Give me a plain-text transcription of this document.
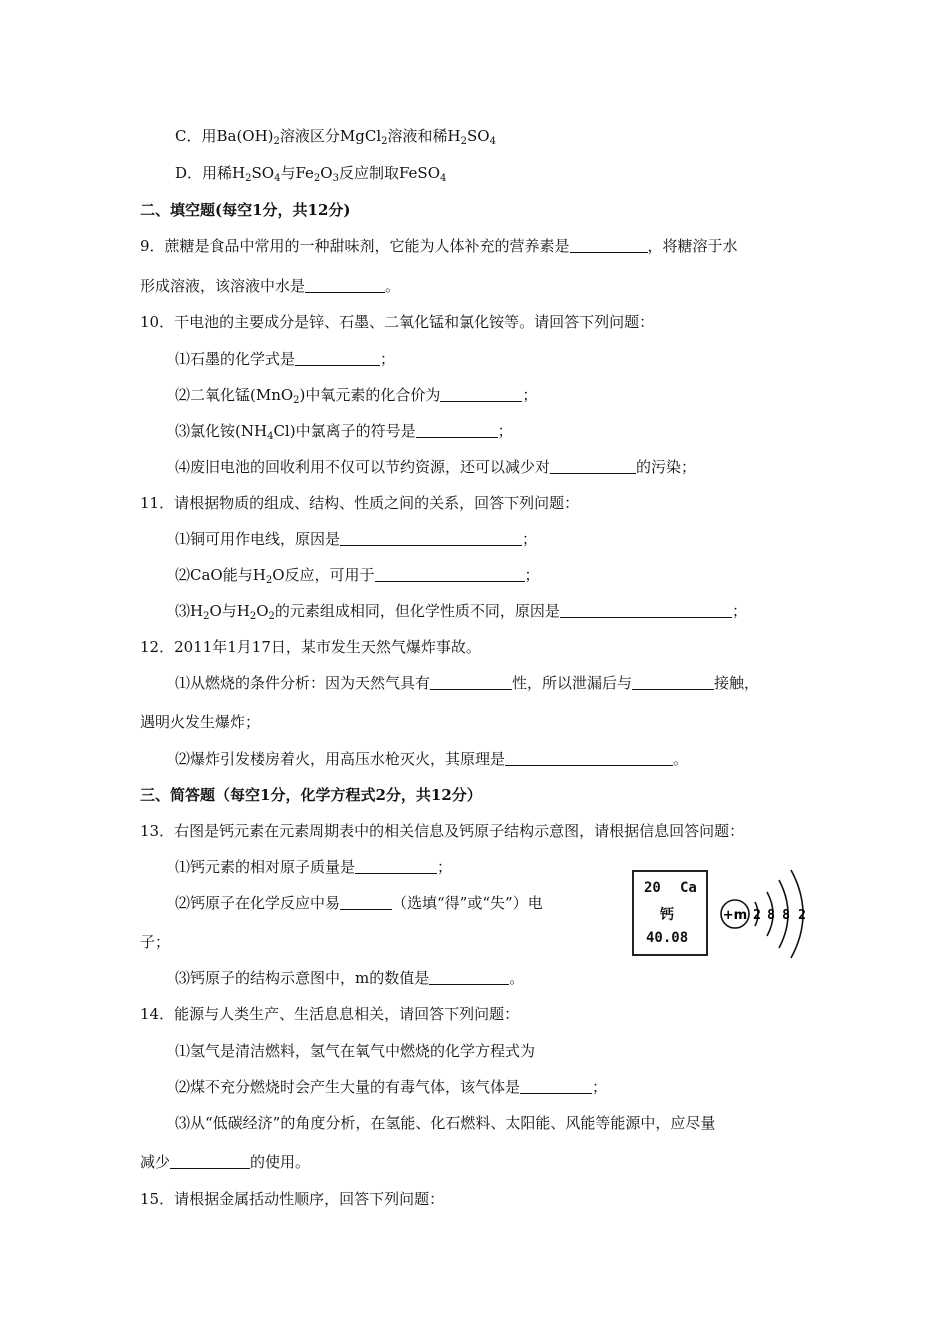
C．用$Ba(OH)_2$溶液区分MgCl$_2$溶液和稀$H_2SO_4$
D．用稀$H_2SO_4$与$Fe_2O_3$反应制取FeSO$_4$
二、填空题(每空1分，共12分)
9．蔗糖是食品中常用的一种甜味剂，它能为人体补充的营养素是	，将糖溶于水
形成溶液，该溶液中水是	。
10．干电池的主要成分是锌、石墨、二氧化锰和氯化铵等。请回答下列问题：
⑴石墨的化学式是	；
⑵二氧化锰(MnO$_2$)中氧元素的化合价为	；
⑶氯化铵$(NH_4Cl)$中氯离子的符号是	；
⑷废旧电池的回收利用不仅可以节约资源，还可以减少对	的污染；
11．请根据物质的组成、结构、性质之间的关系，回答下列问题：
⑴铜可用作电线，原因是	；
⑵CaO能与$H_2O$反应，可用于	；
$⑶H_2O$与$H_2O_2$的元素组成相同，但化学性质不同，原因是	；
12．2011年1月17日，某市发生天然气爆炸事故。
⑴从燃烧的条件分析：因为天然气具有	性，所以泄漏后与	接触，
遇明火发生爆炸；
⑵爆炸引发楼房着火，用高压水枪灭火，其原理是	。
三、简答题（每空1分，化学方程式2分，共12分）
13．右图是钙元素在元素周期表中的相关信息及钙原子结构示意图，请根据信息回答问题：
⑴钙元素的相对原子质量是	；
⑵钙原子在化学反应中易	（选填“得”或“失”）电
子；
⑶钙原子的结构示意图中，m的数值是	。
20 Ca
钙
40.08
+m 2 8 8 2
14．能源与人类生产、生活息息相关，请回答下列问题：
⑴氢气是清洁燃料，氢气在氧气中燃烧的化学方程式为
⑵煤不充分燃烧时会产生大量的有毒气体，该气体是	；
⑶从“低碳经济”的角度分析，在氢能、化石燃料、太阳能、风能等能源中，应尽量
减少	的使用。
15．请根据金属括动性顺序，回答下列问题：
